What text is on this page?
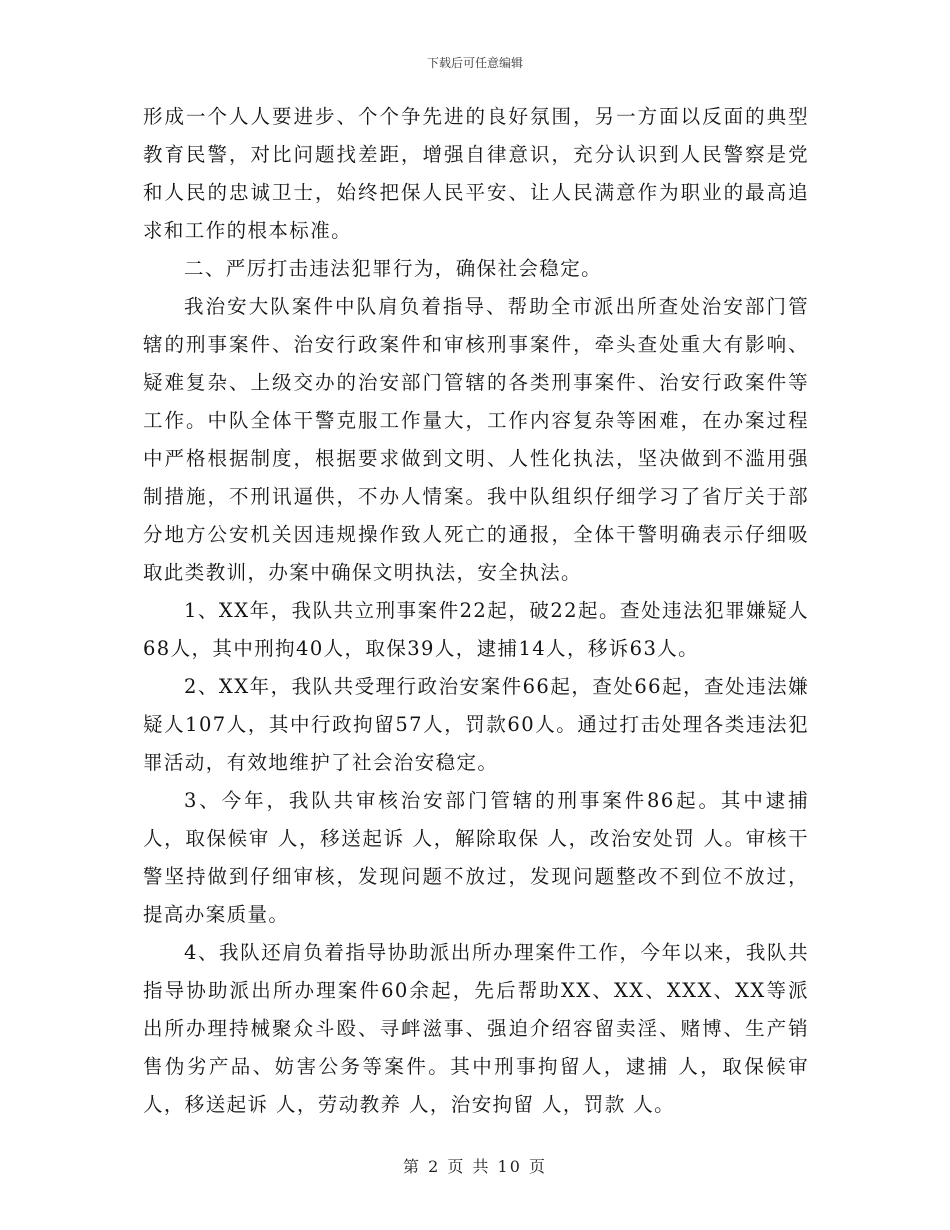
下载后可任意编辑

形成一个人人要进步、个个争先进的良好氛围，另一方面以反面的典型教育民警，对比问题找差距，增强自律意识，充分认识到人民警察是党和人民的忠诚卫士，始终把保人民平安、让人民满意作为职业的最高追求和工作的根本标准。

二、严厉打击违法犯罪行为，确保社会稳定。

我治安大队案件中队肩负着指导、帮助全市派出所查处治安部门管辖的刑事案件、治安行政案件和审核刑事案件，牵头查处重大有影响、疑难复杂、上级交办的治安部门管辖的各类刑事案件、治安行政案件等工作。中队全体干警克服工作量大，工作内容复杂等困难，在办案过程中严格根据制度，根据要求做到文明、人性化执法，坚决做到不滥用强制措施，不刑讯逼供，不办人情案。我中队组织仔细学习了省厅关于部分地方公安机关因违规操作致人死亡的通报，全体干警明确表示仔细吸取此类教训，办案中确保文明执法，安全执法。

1、XX年，我队共立刑事案件22起，破22起。查处违法犯罪嫌疑人68人，其中刑拘40人，取保39人，逮捕14人，移诉63人。

2、XX年，我队共受理行政治安案件66起，查处66起，查处违法嫌疑人107人，其中行政拘留57人，罚款60人。通过打击处理各类违法犯罪活动，有效地维护了社会治安稳定。

3、今年，我队共审核治安部门管辖的刑事案件86起。其中逮捕 人，取保候审 人，移送起诉 人，解除取保 人，改治安处罚 人。审核干警坚持做到仔细审核，发现问题不放过，发现问题整改不到位不放过，提高办案质量。

4、我队还肩负着指导协助派出所办理案件工作，今年以来，我队共指导协助派出所办理案件60余起，先后帮助XX、XX、XXX、XX等派出所办理持械聚众斗殴、寻衅滋事、强迫介绍容留卖淫、赌博、生产销售伪劣产品、妨害公务等案件。其中刑事拘留人，逮捕 人，取保候审 人，移送起诉 人，劳动教养 人，治安拘留 人，罚款 人。

第 2 页 共 10 页
